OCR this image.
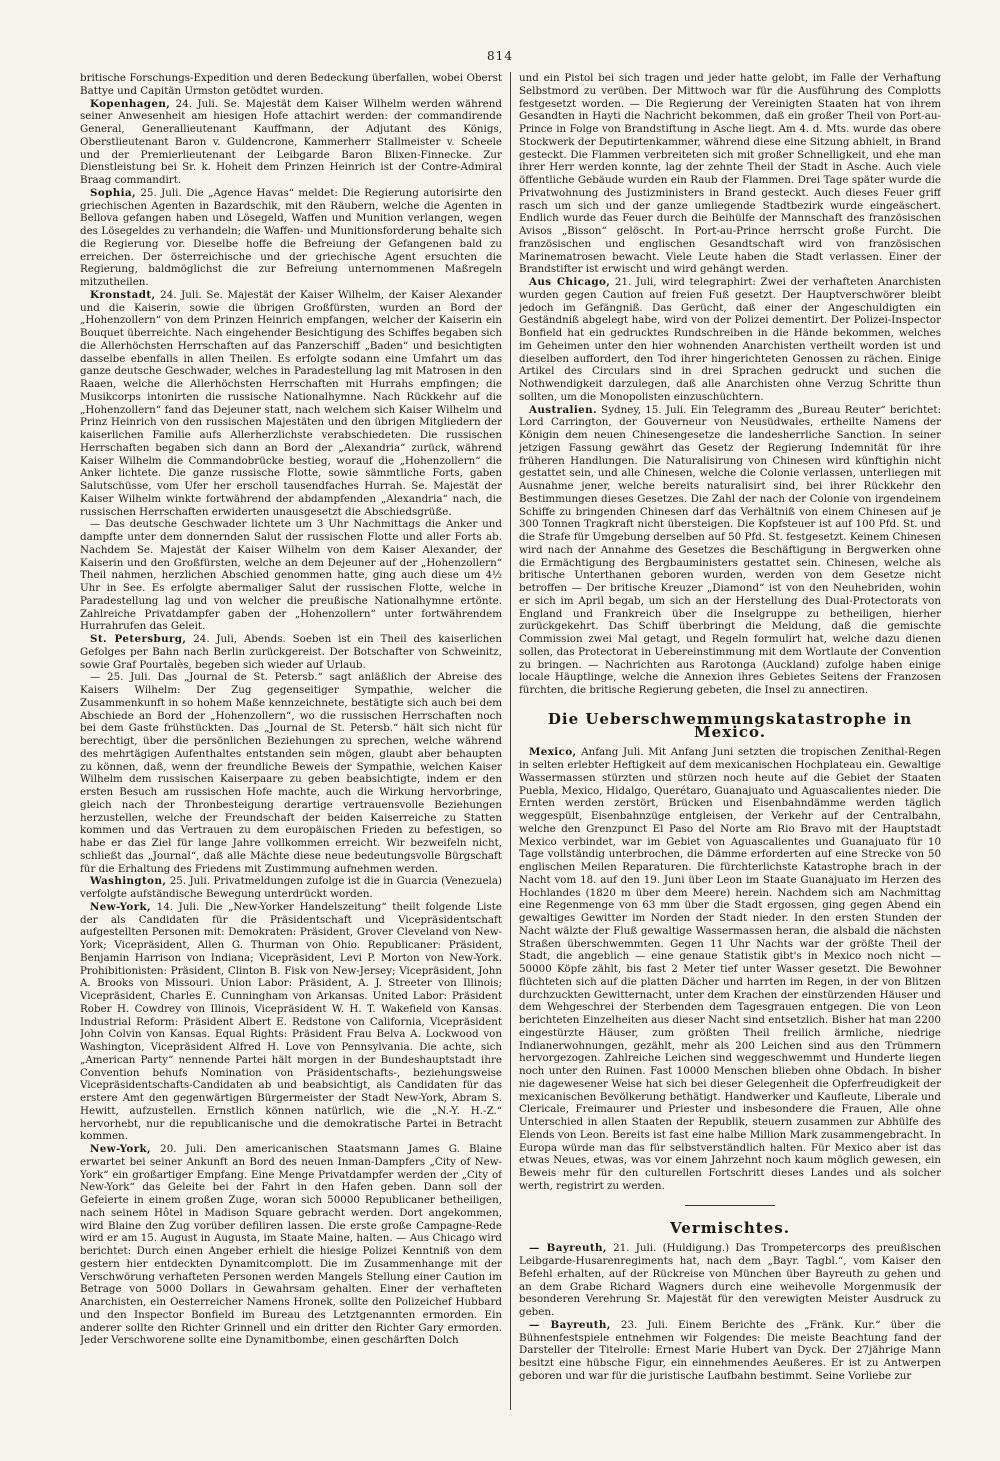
814

britische Forschungs-Expedition und deren Bedeckung überfallen, wobei Oberst Battye und Capitän Urmston getödtet wurden.

Kopenhagen, 24. Juli. Se. Majestät dem Kaiser Wilhelm werden während seiner Anwesenheit am hiesigen Hofe attachirt werden: der commandirende General, Generallieutenant Kauffmann, der Adjutant des Königs, Oberstlieutenant Baron v. Guldencrone, Kammerherr Stallmeister v. Scheele und der Premierlieutenant der Leibgarde Baron Blixen-Finnecke. Zur Dienstleistung bei Sr. k. Hoheit dem Prinzen Heinrich ist der Contre-Admiral Braag commandirt.

Sophia, 25. Juli. Die „Agence Havas“ meldet: Die Regierung autorisirte den griechischen Agenten in Bazardschik, mit den Räubern, welche die Agenten in Bellova gefangen haben und Lösegeld, Waffen und Munition verlangen, wegen des Lösegeldes zu verhandeln; die Waffen- und Munitionsforderung behalte sich die Regierung vor. Dieselbe hoffe die Befreiung der Gefangenen bald zu erreichen. Der österreichische und der griechische Agent ersuchten die Regierung, baldmöglichst die zur Befreiung unternommenen Maßregeln mitzutheilen.

Kronstadt, 24. Juli. Se. Majestät der Kaiser Wilhelm, der Kaiser Alexander und die Kaiserin, sowie die übrigen Großfürsten, wurden an Bord der „Hohenzollern“ von dem Prinzen Heinrich empfangen, welcher der Kaiserin ein Bouquet überreichte. Nach eingehender Besichtigung des Schiffes begaben sich die Allerhöchsten Herrschaften auf das Panzerschiff „Baden“ und besichtigten dasselbe ebenfalls in allen Theilen. Es erfolgte sodann eine Umfahrt um das ganze deutsche Geschwader, welches in Paradestellung lag mit Matrosen in den Raaen, welche die Allerhöchsten Herrschaften mit Hurrahs empfingen; die Musikcorps intonirten die russische Nationalhymne. Nach Rückkehr auf die „Hohenzollern“ fand das Dejeuner statt, nach welchem sich Kaiser Wilhelm und Prinz Heinrich von den russischen Majestäten und den übrigen Mitgliedern der kaiserlichen Familie aufs Allerherzlichste verabschiedeten. Die russischen Herrschaften begaben sich dann an Bord der „Alexandria“ zurück, während Kaiser Wilhelm die Commandobrücke bestieg, worauf die „Hohenzollern“ die Anker lichtete. Die ganze russische Flotte, sowie sämmtliche Forts, gaben Salutschüsse, vom Ufer her erscholl tausendfaches Hurrah. Se. Majestät der Kaiser Wilhelm winkte fortwährend der abdampfenden „Alexandria“ nach, die russischen Herrschaften erwiderten unausgesetzt die Abschiedsgrüße.

— Das deutsche Geschwader lichtete um 3 Uhr Nachmittags die Anker und dampfte unter dem donnernden Salut der russischen Flotte und aller Forts ab. Nachdem Se. Majestät der Kaiser Wilhelm von dem Kaiser Alexander, der Kaiserin und den Großfürsten, welche an dem Dejeuner auf der „Hohenzollern“ Theil nahmen, herzlichen Abschied genommen hatte, ging auch diese um 4½ Uhr in See. Es erfolgte abermaliger Salut der russischen Flotte, welche in Paradestellung lag und von welcher die preußische Nationalhymne ertönte. Zahlreiche Privatdampfer gaben der „Hohenzollern“ unter fortwährendem Hurrahrufen das Geleit.

St. Petersburg, 24. Juli, Abends. Soeben ist ein Theil des kaiserlichen Gefolges per Bahn nach Berlin zurückgereist. Der Botschafter von Schweinitz, sowie Graf Pourtalès, begeben sich wieder auf Urlaub.

— 25. Juli. Das „Journal de St. Petersb.“ sagt anläßlich der Abreise des Kaisers Wilhelm: Der Zug gegenseitiger Sympathie, welcher die Zusammenkunft in so hohem Maße kennzeichnete, bestätigte sich auch bei dem Abschiede an Bord der „Hohenzollern“, wo die russischen Herrschaften noch bei dem Gaste frühstückten. Das „Journal de St. Petersb.“ hält sich nicht für berechtigt, über die persönlichen Beziehungen zu sprechen, welche während des mehrtägigen Aufenthaltes entstanden sein mögen, glaubt aber behaupten zu können, daß, wenn der freundliche Beweis der Sympathie, welchen Kaiser Wilhelm dem russischen Kaiserpaare zu geben beabsichtigte, indem er den ersten Besuch am russischen Hofe machte, auch die Wirkung hervorbringe, gleich nach der Thronbesteigung derartige vertrauensvolle Beziehungen herzustellen, welche der Freundschaft der beiden Kaiserreiche zu Statten kommen und das Vertrauen zu dem europäischen Frieden zu befestigen, so habe er das Ziel für lange Jahre vollkommen erreicht. Wir bezweifeln nicht, schließt das „Journal“, daß alle Mächte diese neue bedeutungsvolle Bürgschaft für die Erhaltung des Friedens mit Zustimmung aufnehmen werden.

Washington, 25. Juli. Privatmeldungen zufolge ist die in Guarcia (Venezuela) verfolgte aufständische Bewegung unterdrückt worden.

New-York, 14. Juli. Die „New-Yorker Handelszeitung“ theilt folgende Liste der als Candidaten für die Präsidentschaft und Vicepräsidentschaft aufgestellten Personen mit: Demokraten: Präsident, Grover Cleveland von New-York; Vicepräsident, Allen G. Thurman von Ohio. Republicaner: Präsident, Benjamin Harrison von Indiana; Vicepräsident, Levi P. Morton von New-York. Prohibitionisten: Präsident, Clinton B. Fisk von New-Jersey; Vicepräsident, John A. Brooks von Missouri. Union Labor: Präsident, A. J. Streeter von Illinois; Vicepräsident, Charles E. Cunningham von Arkansas. United Labor: Präsident Rober H. Cowdrey von Illinois, Vicepräsident W. H. T. Wakefield von Kansas. Industrial Reform: Präsident Albert E. Redstone von California, Vicepräsident John Colvin von Kansas. Equal Rights: Präsident Frau Belva A. Lockwood von Washington, Vicepräsident Alfred H. Love von Pennsylvania. Die achte, sich „American Party“ nennende Partei hält morgen in der Bundeshauptstadt ihre Convention behufs Nomination von Präsidentschafts-, beziehungsweise Vicepräsidentschafts-Candidaten ab und beabsichtigt, als Candidaten für das erstere Amt den gegenwärtigen Bürgermeister der Stadt New-York, Abram S. Hewitt, aufzustellen. Ernstlich können natürlich, wie die „N.-Y. H.-Z.“ hervorhebt, nur die republicanische und die demokratische Partei in Betracht kommen.

New-York, 20. Juli. Den americanischen Staatsmann James G. Blaine erwartet bei seiner Ankunft an Bord des neuen Inman-Dampfers „City of New-York“ ein großartiger Empfang. Eine Menge Privatdampfer werden der „City of New-York“ das Geleite bei der Fahrt in den Hafen geben. Dann soll der Gefeierte in einem großen Zuge, woran sich 50000 Republicaner betheiligen, nach seinem Hôtel in Madison Square gebracht werden. Dort angekommen, wird Blaine den Zug vorüber defiliren lassen. Die erste große Campagne-Rede wird er am 15. August in Augusta, im Staate Maine, halten. — Aus Chicago wird berichtet: Durch einen Angeber erhielt die hiesige Polizei Kenntniß von dem gestern hier entdeckten Dynamitcomplott. Die im Zusammenhange mit der Verschwörung verhafteten Personen werden Mangels Stellung einer Caution im Betrage von 5000 Dollars in Gewahrsam gehalten. Einer der verhafteten Anarchisten, ein Oesterreicher Namens Hronek, sollte den Polizeichef Hubbard und den Inspector Bonfield im Bureau des Letztgenannten ermorden. Ein anderer sollte den Richter Grinnell und ein dritter den Richter Gary ermorden. Jeder Verschworene sollte eine Dynamitbombe, einen geschärften Dolch

und ein Pistol bei sich tragen und jeder hatte gelobt, im Falle der Verhaftung Selbstmord zu verüben. Der Mittwoch war für die Ausführung des Complotts festgesetzt worden. — Die Regierung der Vereinigten Staaten hat von ihrem Gesandten in Hayti die Nachricht bekommen, daß ein großer Theil von Port-au-Prince in Folge von Brandstiftung in Asche liegt. Am 4. d. Mts. wurde das obere Stockwerk der Deputirtenkammer, während diese eine Sitzung abhielt, in Brand gesteckt. Die Flammen verbreiteten sich mit großer Schnelligkeit, und ehe man ihrer Herr werden konnte, lag der zehnte Theil der Stadt in Asche. Auch viele öffentliche Gebäude wurden ein Raub der Flammen. Drei Tage später wurde die Privatwohnung des Justizministers in Brand gesteckt. Auch dieses Feuer griff rasch um sich und der ganze umliegende Stadtbezirk wurde eingeäschert. Endlich wurde das Feuer durch die Beihülfe der Mannschaft des französischen Avisos „Bisson“ gelöscht. In Port-au-Prince herrscht große Furcht. Die französischen und englischen Gesandtschaft wird von französischen Marinematrosen bewacht. Viele Leute haben die Stadt verlassen. Einer der Brandstifter ist erwischt und wird gehängt werden.

Aus Chicago, 21. Juli, wird telegraphirt: Zwei der verhafteten Anarchisten wurden gegen Caution auf freien Fuß gesetzt. Der Hauptverschwörer bleibt jedoch im Gefängniß. Das Gerücht, daß einer der Angeschuldigten ein Geständniß abgelegt habe, wird von der Polizei dementirt. Der Polizei-Inspector Bonfield hat ein gedrucktes Rundschreiben in die Hände bekommen, welches im Geheimen unter den hier wohnenden Anarchisten vertheilt worden ist und dieselben auffordert, den Tod ihrer hingerichteten Genossen zu rächen. Einige Artikel des Circulars sind in drei Sprachen gedruckt und suchen die Nothwendigkeit darzulegen, daß alle Anarchisten ohne Verzug Schritte thun sollten, um die Monopolisten einzuschüchtern.

Australien. Sydney, 15. Juli. Ein Telegramm des „Bureau Reuter“ berichtet: Lord Carrington, der Gouverneur von Neusüdwales, ertheilte Namens der Königin dem neuen Chinesengesetze die landesherrliche Sanction. In seiner jetzigen Fassung gewährt das Gesetz der Regierung Indemnität für ihre früheren Handlungen. Die Naturalisirung von Chinesen wird künftighin nicht gestattet sein, und alle Chinesen, welche die Colonie verlassen, unterliegen mit Ausnahme jener, welche bereits naturalisirt sind, bei ihrer Rückkehr den Bestimmungen dieses Gesetzes. Die Zahl der nach der Colonie von irgendeinem Schiffe zu bringenden Chinesen darf das Verhältniß von einem Chinesen auf je 300 Tonnen Tragkraft nicht übersteigen. Die Kopfsteuer ist auf 100 Pfd. St. und die Strafe für Umgebung derselben auf 50 Pfd. St. festgesetzt. Keinem Chinesen wird nach der Annahme des Gesetzes die Beschäftigung in Bergwerken ohne die Ermächtigung des Bergbauministers gestattet sein. Chinesen, welche als britische Unterthanen geboren wurden, werden von dem Gesetze nicht betroffen — Der britische Kreuzer „Diamond“ ist von den Neuhebriden, wohin er sich im April begab, um sich an der Herstellung des Dual-Protectorats von England und Frankreich über die Inselgruppe zu betheiligen, hierher zurückgekehrt. Das Schiff überbringt die Meldung, daß die gemischte Commission zwei Mal getagt, und Regeln formulirt hat, welche dazu dienen sollen, das Protectorat in Uebereinstimmung mit dem Wortlaute der Convention zu bringen. — Nachrichten aus Rarotonga (Auckland) zufolge haben einige locale Häuptlinge, welche die Annexion ihres Gebietes Seitens der Franzosen fürchten, die britische Regierung gebeten, die Insel zu annectiren.

Die Ueberschwemmungskatastrophe in Mexico.

Mexico, Anfang Juli. Mit Anfang Juni setzten die tropischen Zenithal-Regen in selten erlebter Heftigkeit auf dem mexicanischen Hochplateau ein. Gewaltige Wassermassen stürzten und stürzen noch heute auf die Gebiet der Staaten Puebla, Mexico, Hidalgo, Querétaro, Guanajuato und Aguascalientes nieder. Die Ernten werden zerstört, Brücken und Eisenbahndämme werden täglich weggespült, Eisenbahnzüge entgleisen, der Verkehr auf der Centralbahn, welche den Grenzpunct El Paso del Norte am Rio Bravo mit der Hauptstadt Mexico verbindet, war im Gebiet von Aguascalientes und Guanajuato für 10 Tage vollständig unterbrochen, die Dämme erforderten auf eine Strecke von 50 englischen Meilen Reparaturen. Die fürchterlichste Katastrophe brach in der Nacht vom 18. auf den 19. Juni über Leon im Staate Guanajuato im Herzen des Hochlandes (1820 m über dem Meere) herein. Nachdem sich am Nachmittag eine Regenmenge von 63 mm über die Stadt ergossen, ging gegen Abend ein gewaltiges Gewitter im Norden der Stadt nieder. In den ersten Stunden der Nacht wälzte der Fluß gewaltige Wassermassen heran, die alsbald die nächsten Straßen überschwemmten. Gegen 11 Uhr Nachts war der größte Theil der Stadt, die angeblich — eine genaue Statistik gibt's in Mexico noch nicht — 50000 Köpfe zählt, bis fast 2 Meter tief unter Wasser gesetzt. Die Bewohner flüchteten sich auf die platten Dächer und harrten im Regen, in der von Blitzen durchzuckten Gewitternacht, unter dem Krachen der einstürzenden Häuser und dem Wehgeschrei der Sterbenden dem Tagesgrauen entgegen. Die von Leon berichteten Einzelheiten aus dieser Nacht sind entsetzlich. Bisher hat man 2200 eingestürzte Häuser, zum größten Theil freilich ärmliche, niedrige Indianerwohnungen, gezählt, mehr als 200 Leichen sind aus den Trümmern hervorgezogen. Zahlreiche Leichen sind weggeschwemmt und Hunderte liegen noch unter den Ruinen. Fast 10000 Menschen blieben ohne Obdach. In bisher nie dagewesener Weise hat sich bei dieser Gelegenheit die Opferfreudigkeit der mexicanischen Bevölkerung bethätigt. Handwerker und Kaufleute, Liberale und Clericale, Freimaurer und Priester und insbesondere die Frauen, Alle ohne Unterschied in allen Staaten der Republik, steuern zusammen zur Abhülfe des Elends von Leon. Bereits ist fast eine halbe Million Mark zusammengebracht. In Europa würde man das für selbstverständlich halten. Für Mexico aber ist das etwas Neues, etwas, was vor einem Jahrzehnt noch kaum möglich gewesen, ein Beweis mehr für den culturellen Fortschritt dieses Landes und als solcher werth, registrirt zu werden.

Vermischtes.

— Bayreuth, 21. Juli. (Huldigung.) Das Trompetercorps des preußischen Leibgarde-Husarenregiments hat, nach dem „Bayr. Tagbl.“, vom Kaiser den Befehl erhalten, auf der Rückreise von München über Bayreuth zu gehen und an dem Grabe Richard Wagners durch eine weihevolle Morgenmusik der besonderen Verehrung Sr. Majestät für den verewigten Meister Ausdruck zu geben.

— Bayreuth, 23. Juli. Einem Berichte des „Fränk. Kur.“ über die Bühnenfestspiele entnehmen wir Folgendes: Die meiste Beachtung fand der Darsteller der Titelrolle: Ernest Marie Hubert van Dyck. Der 27jährige Mann besitzt eine hübsche Figur, ein einnehmendes Aeußeres. Er ist zu Antwerpen geboren und war für die juristische Laufbahn bestimmt. Seine Vorliebe zur
